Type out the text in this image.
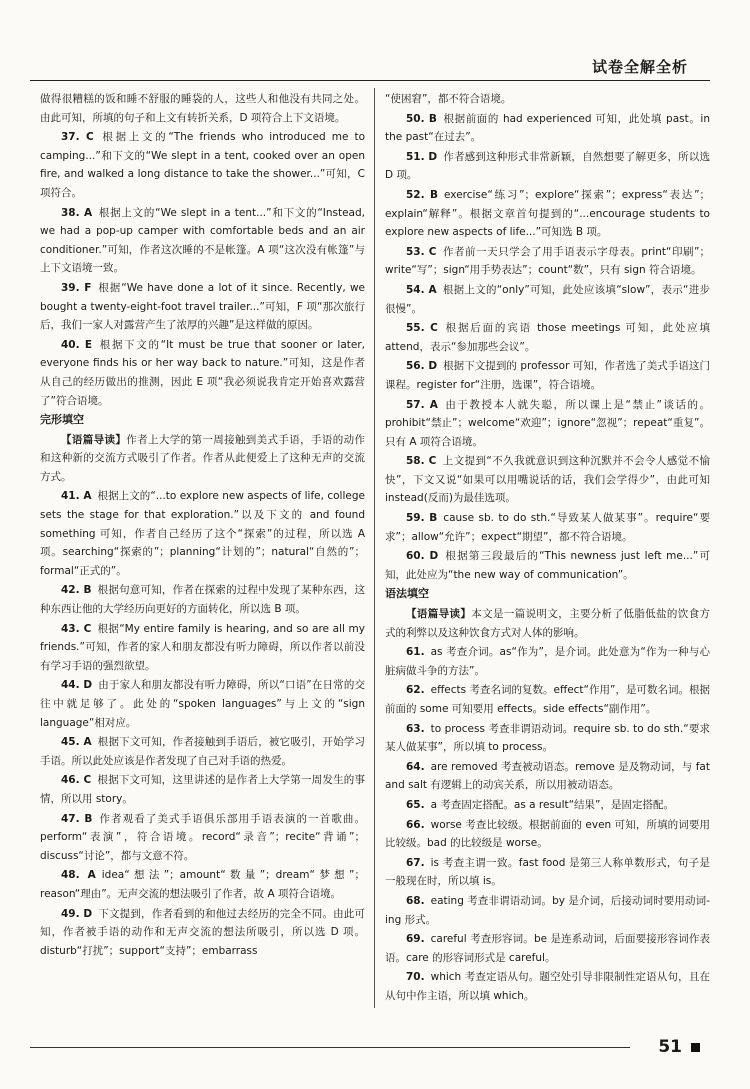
试卷全解全析

做得很糟糕的饭和睡不舒服的睡袋的人，这些人和他没有共同之处。由此可知，所填的句子和上文有转折关系，D 项符合上下文语境。

37. C 根据上文的“The friends who introduced me to camping...”和下文的“We slept in a tent, cooked over an open fire, and walked a long distance to take the shower...”可知，C 项符合。

38. A 根据上文的“We slept in a tent...”和下文的“Instead, we had a pop-up camper with comfortable beds and an air conditioner.”可知，作者这次睡的不是帐篷。A 项“这次没有帐篷”与上下文语境一致。

39. F 根据“We have done a lot of it since. Recently, we bought a twenty-eight-foot travel trailer...”可知，F 项“那次旅行后，我们一家人对露营产生了浓厚的兴趣”是这样做的原因。

40. E 根据下文的“It must be true that sooner or later, everyone finds his or her way back to nature.”可知，这是作者从自己的经历做出的推测，因此 E 项“我必须说我肯定开始喜欢露营了”符合语境。

完形填空

【语篇导读】作者上大学的第一周接触到美式手语，手语的动作和这种新的交流方式吸引了作者。作者从此便爱上了这种无声的交流方式。

41. A 根据上文的“...to explore new aspects of life, college sets the stage for that exploration.”以及下文的 and found something 可知，作者自己经历了这个“探索”的过程，所以选 A 项。searching“探索的”；planning“计划的”；natural“自然的”；formal“正式的”。

42. B 根据句意可知，作者在探索的过程中发现了某种东西，这种东西让他的大学经历向更好的方面转化，所以选 B 项。

43. C 根据“My entire family is hearing, and so are all my friends.”可知，作者的家人和朋友都没有听力障碍，所以作者以前没有学习手语的强烈欲望。

44. D 由于家人和朋友都没有听力障碍，所以“口语”在日常的交往中就足够了。此处的“spoken languages”与上文的“sign language”相对应。

45. A 根据下文可知，作者接触到手语后，被它吸引，开始学习手语。所以此处应该是作者发现了自己对手语的热爱。

46. C 根据下文可知，这里讲述的是作者上大学第一周发生的事情，所以用 story。

47. B 作者观看了美式手语俱乐部用手语表演的一首歌曲。perform“表演”，符合语境。record“录音”；recite“背诵”；discuss“讨论”，都与文意不符。

48. A idea“想法”；amount“数量”；dream“梦想”；reason“理由”。无声交流的想法吸引了作者，故 A 项符合语境。

49. D 下文提到，作者看到的和他过去经历的完全不同。由此可知，作者被手语的动作和无声交流的想法所吸引，所以选 D 项。disturb“打扰”；support“支持”；embarrass

“使困窘”，都不符合语境。

50. B 根据前面的 had experienced 可知，此处填 past。in the past“在过去”。

51. D 作者感到这种形式非常新颖，自然想要了解更多，所以选 D 项。

52. B exercise“练习”；explore“探索”；express“表达”；explain“解释”。根据文章首句提到的“...encourage students to explore new aspects of life...”可知选 B 项。

53. C 作者前一天只学会了用手语表示字母表。print“印刷”；write“写”；sign“用手势表达”；count“数”，只有 sign 符合语境。

54. A 根据上文的“only”可知，此处应该填“slow”，表示“进步很慢”。

55. C 根据后面的宾语 those meetings 可知，此处应填 attend，表示“参加那些会议”。

56. D 根据下文提到的 professor 可知，作者选了美式手语这门课程。register for“注册，选课”，符合语境。

57. A 由于教授本人就失聪，所以课上是“禁止”谈话的。prohibit“禁止”；welcome“欢迎”；ignore“忽视”；repeat“重复”。只有 A 项符合语境。

58. C 上文提到“不久我就意识到这种沉默并不会令人感觉不愉快”，下文又说“如果可以用嘴说话的话，我们会学得少”，由此可知 instead(反而)为最佳选项。

59. B cause sb. to do sth.“导致某人做某事”。require“要求”；allow“允许”；expect“期望”，都不符合语境。

60. D 根据第三段最后的“This newness just left me...”可知，此处应为“the new way of communication”。

语法填空

【语篇导读】本文是一篇说明文，主要分析了低脂低盐的饮食方式的利弊以及这种饮食方式对人体的影响。

61. as 考查介词。as“作为”，是介词。此处意为“作为一种与心脏病做斗争的方法”。

62. effects 考查名词的复数。effect“作用”，是可数名词。根据前面的 some 可知要用 effects。side effects“副作用”。

63. to process 考查非谓语动词。require sb. to do sth.“要求某人做某事”，所以填 to process。

64. are removed 考查被动语态。remove 是及物动词，与 fat and salt 有逻辑上的动宾关系，所以用被动语态。

65. a 考查固定搭配。as a result“结果”，是固定搭配。

66. worse 考查比较级。根据前面的 even 可知，所填的词要用比较级。bad 的比较级是 worse。

67. is 考查主谓一致。fast food 是第三人称单数形式，句子是一般现在时，所以填 is。

68. eating 考查非谓语动词。by 是介词，后接动词时要用动词-ing 形式。

69. careful 考查形容词。be 是连系动词，后面要接形容词作表语。care 的形容词形式是 careful。

70. which 考查定语从句。题空处引导非限制性定语从句，且在从句中作主语，所以填 which。

51
